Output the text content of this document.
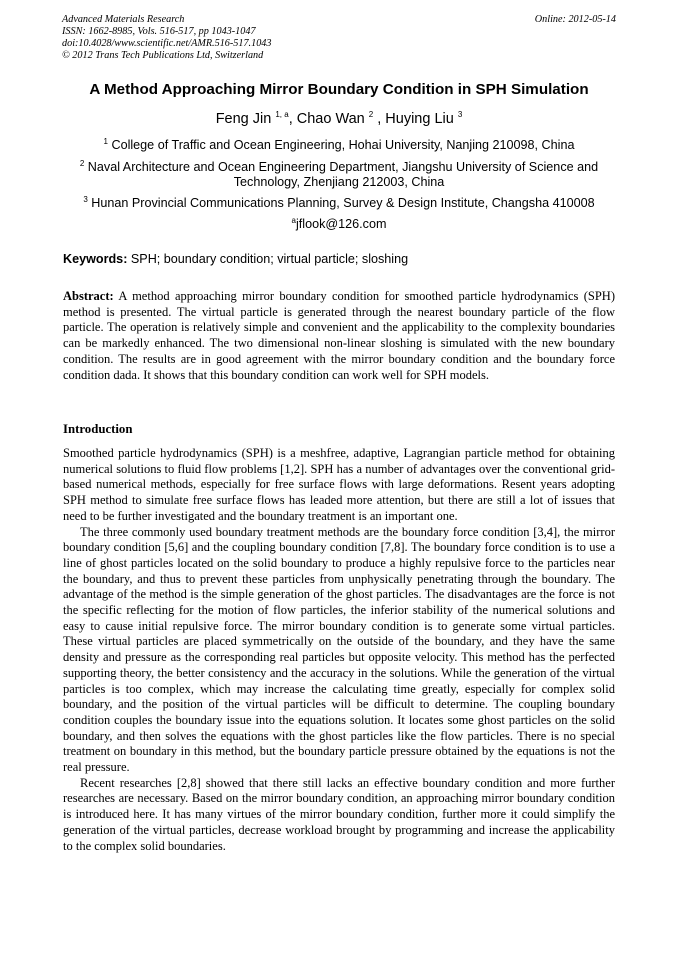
Advanced Materials Research
ISSN: 1662-8985, Vols. 516-517, pp 1043-1047
doi:10.4028/www.scientific.net/AMR.516-517.1043
© 2012 Trans Tech Publications Ltd, Switzerland
Online: 2012-05-14
A Method Approaching Mirror Boundary Condition in SPH Simulation
Feng Jin $^{1, a}$, Chao Wan $^2$ , Huying Liu $^3$
$^1$ College of Traffic and Ocean Engineering, Hohai University, Nanjing 210098, China
$^2$ Naval Architecture and Ocean Engineering Department, Jiangshu University of Science and Technology, Zhenjiang 212003, China
$^3$ Hunan Provincial Communications Planning, Survey & Design Institute, Changsha 410008
$^a$jflook@126.com
Keywords: SPH; boundary condition; virtual particle; sloshing
Abstract: A method approaching mirror boundary condition for smoothed particle hydrodynamics (SPH) method is presented. The virtual particle is generated through the nearest boundary particle of the flow particle. The operation is relatively simple and convenient and the applicability to the complexity boundaries can be markedly enhanced. The two dimensional non-linear sloshing is simulated with the new boundary condition. The results are in good agreement with the mirror boundary condition and the boundary force condition dada. It shows that this boundary condition can work well for SPH models.
Introduction

Smoothed particle hydrodynamics (SPH) is a meshfree, adaptive, Lagrangian particle method for obtaining numerical solutions to fluid flow problems [1,2]. SPH has a number of advantages over the conventional grid-based numerical methods, especially for free surface flows with large deformations. Resent years adopting SPH method to simulate free surface flows has leaded more attention, but there are still a lot of issues that need to be further investigated and the boundary treatment is an important one.

The three commonly used boundary treatment methods are the boundary force condition [3,4], the mirror boundary condition [5,6] and the coupling boundary condition [7,8]. The boundary force condition is to use a line of ghost particles located on the solid boundary to produce a highly repulsive force to the particles near the boundary, and thus to prevent these particles from unphysically penetrating through the boundary. The advantage of the method is the simple generation of the ghost particles. The disadvantages are the force is not the specific reflecting for the motion of flow particles, the inferior stability of the numerical solutions and easy to cause initial repulsive force. The mirror boundary condition is to generate some virtual particles. These virtual particles are placed symmetrically on the outside of the boundary, and they have the same density and pressure as the corresponding real particles but opposite velocity. This method has the perfected supporting theory, the better consistency and the accuracy in the solutions. While the generation of the virtual particles is too complex, which may increase the calculating time greatly, especially for complex solid boundary, and the position of the virtual particles will be difficult to determine. The coupling boundary condition couples the boundary issue into the equations solution. It locates some ghost particles on the solid boundary, and then solves the equations with the ghost particles like the flow particles. There is no special treatment on boundary in this method, but the boundary particle pressure obtained by the equations is not the real pressure.

Recent researches [2,8] showed that there still lacks an effective boundary condition and more further researches are necessary. Based on the mirror boundary condition, an approaching mirror boundary condition is introduced here. It has many virtues of the mirror boundary condition, further more it could simplify the generation of the virtual particles, decrease workload brought by programming and increase the applicability to the complex solid boundaries.
